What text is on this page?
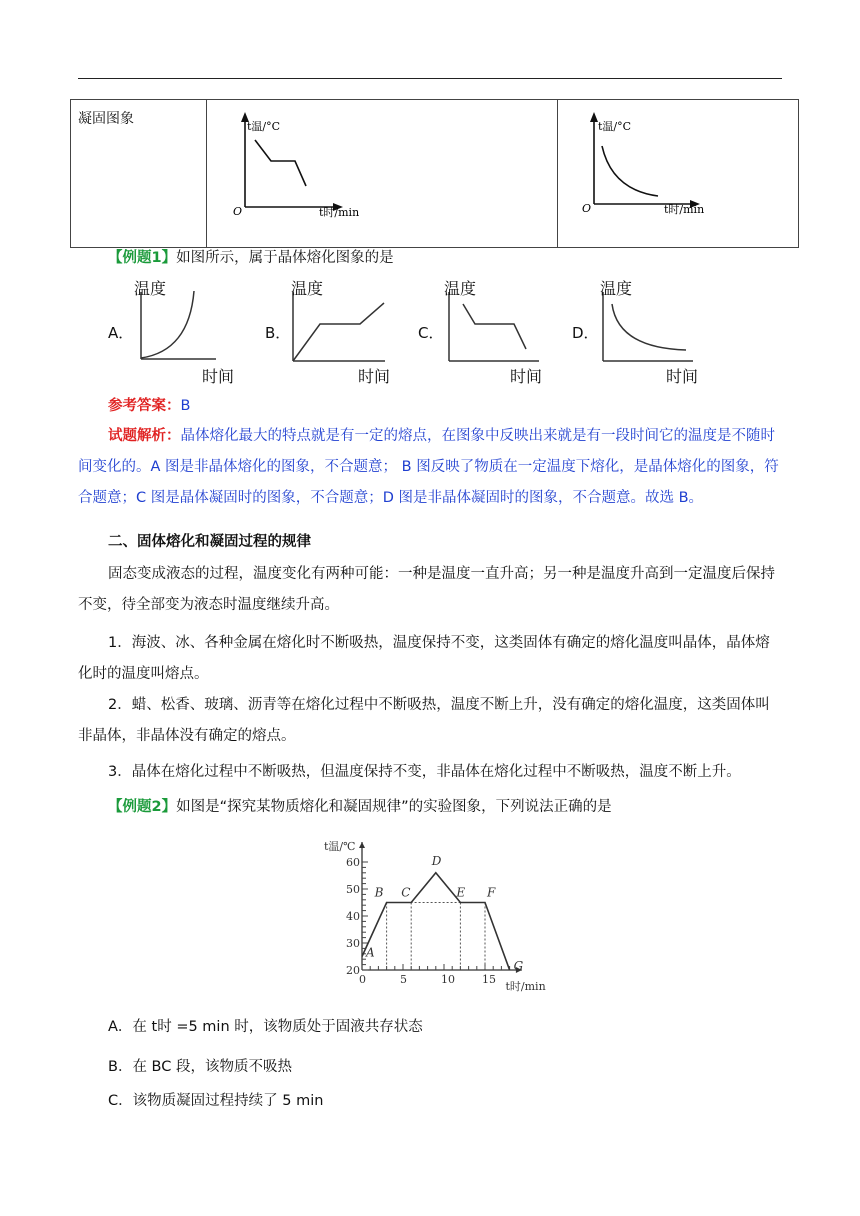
凝固图象	t温/°C
t时/min
O

t温/°C
t时/min
O
【例题1】如图所示，属于晶体熔化图象的是
A．
温度
时间
B．
温度
时间
C．
温度
时间
D．
温度
时间
参考答案：B
试题解析：晶体熔化最大的特点就是有一定的熔点，在图象中反映出来就是有一段时间它的温度是不随时间变化的。A 图是非晶体熔化的图象，不合题意； B 图反映了物质在一定温度下熔化，是晶体熔化的图象，符合题意；C 图是晶体凝固时的图象，不合题意；D 图是非晶体凝固时的图象，不合题意。故选 B。
二、固体熔化和凝固过程的规律
固态变成液态的过程，温度变化有两种可能：一种是温度一直升高；另一种是温度升高到一定温度后保持不变，待全部变为液态时温度继续升高。
1．海波、冰、各种金属在熔化时不断吸热，温度保持不变，这类固体有确定的熔化温度叫晶体，晶体熔化时的温度叫熔点。
2．蜡、松香、玻璃、沥青等在熔化过程中不断吸热，温度不断上升，没有确定的熔化温度，这类固体叫非晶体，非晶体没有确定的熔点。
3．晶体在熔化过程中不断吸热，但温度保持不变，非晶体在熔化过程中不断吸热，温度不断上升。
【例题2】如图是“探究某物质熔化和凝固规律”的实验图象，下列说法正确的是
0	5	10 15
20
30
40
50
60
A
B C
D
E F
G
t温/℃
t时/min
A．在 t时 =5 min 时，该物质处于固液共存状态
B．在 BC 段，该物质不吸热
C．该物质凝固过程持续了 5 min
